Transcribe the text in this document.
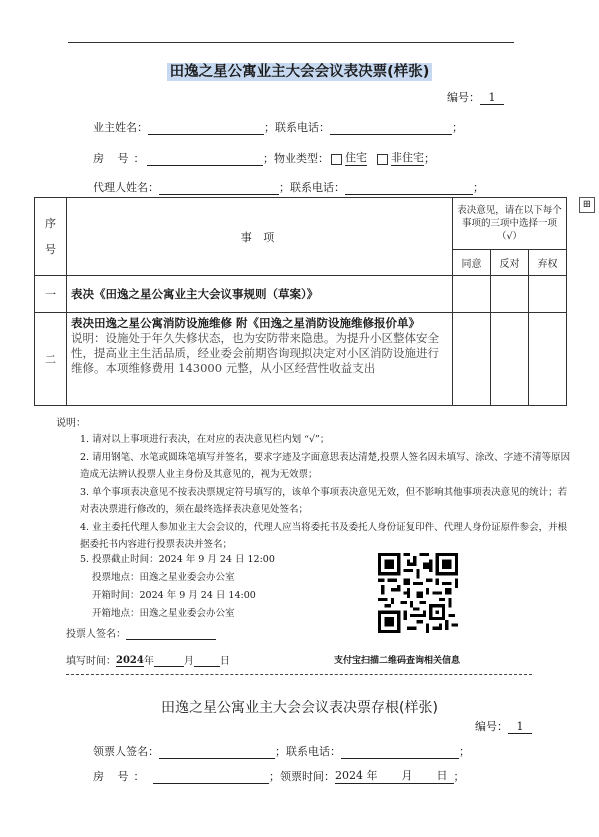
田逸之星公寓业主大会会议表决票(样张)
编号： 1
业主姓名：	；联系电话：	；
房 号：	；物业类型： 住宅 非住宅；
代理人姓名：	；联系电话：	；
⊞
序
号	事 项	表决意见，请在以下每个事项的三项中选择一项（√）		
		同意	反对	弃权
一	表决《田逸之星公寓业主大会议事规则（草案）》			
二	表决田逸之星公寓消防设施维修 附《田逸之星消防设施维修报价单》
说明：设施处于年久失修状态，也为安防带来隐患。为提升小区整体安全性，提高业主生活品质，经业委会前期咨询现拟决定对小区消防设施进行维修。本项维修费用 143000 元整，从小区经营性收益支出			

说明：

1. 请对以上事项进行表决，在对应的表决意见栏内划 “√”；

2. 请用钢笔、水笔或圆珠笔填写并签名，要求字迹及字面意思表达清楚,投票人签名因未填写、涂改、字迹不清等原因造成无法辨认投票人业主身份及其意见的，视为无效票；

3. 单个事项表决意见不按表决票规定符号填写的，该单个事项表决意见无效，但不影响其他事项表决意见的统计；若对表决票进行修改的，须在最终选择表决意见处签名；

4. 业主委托代理人参加业主大会会议的，代理人应当将委托书及委托人身份证复印件、代理人身份证原件参会，并根据委托书内容进行投票表决并签名；

5. 投票截止时间：2024 年 9 月 24 日 12:00
投票地点：田逸之星业委会办公室
开箱时间：2024 年 9 月 24 日 14:00
开箱地点：田逸之星业委会办公室
投票人签名：
填写时间：2024年	月	日	支付宝扫描二维码查询相关信息
田逸之星公寓业主大会会议表决票存根(样张)
编号： 1
领票人签名：	；联系电话：	；
房 号：	；领票时间：2024 年 月 日 ；
